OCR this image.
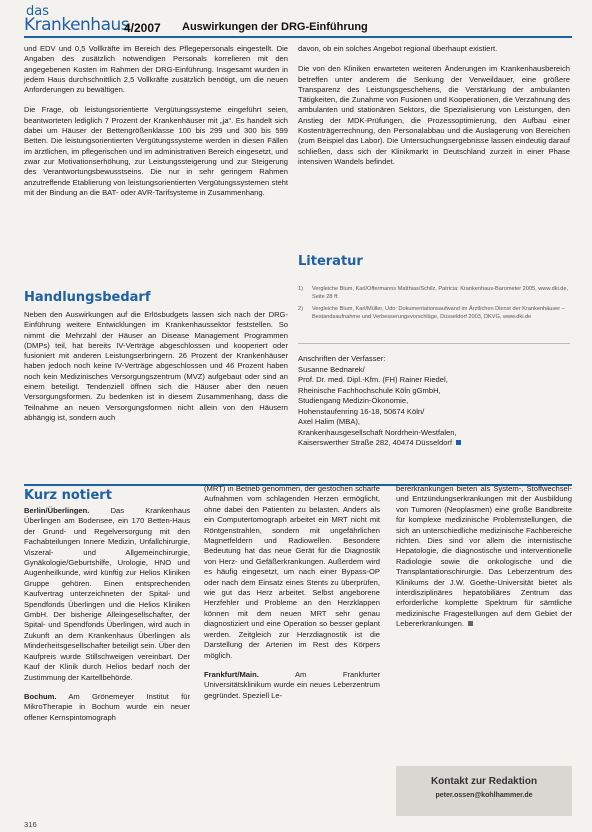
das
Krankenhaus
4/2007 Auswirkungen der DRG-Einführung

und EDV und 0,5 Vollkräfte im Bereich des Pflegepersonals eingestellt. Die Angaben des zusätzlich notwendigen Personals korrelieren mit den angegebenen Kosten im Rahmen der DRG-Einführung. Insgesamt wurden in jedem Haus durchschnittlich 2,5 Vollkräfte zusätzlich benötigt, um die neuen Anforderungen zu bewältigen.

Die Frage, ob leistungsorientierte Vergütungssysteme eingeführt seien, beantworteten lediglich 7 Prozent der Krankenhäuser mit „ja“. Es handelt sich dabei um Häuser der Bettengrößenklasse 100 bis 299 und 300 bis 599 Betten. Die leistungsorientierten Vergütungssysteme werden in diesen Fällen im ärztlichen, im pflegerischen und im administrativen Bereich eingesetzt, und zwar zur Motivationserhöhung, zur Leistungssteigerung und zur Steigerung des Verantwortungsbewusstseins. Die nur in sehr geringem Rahmen anzutreffende Etablierung von leistungsorientierten Vergütungssystemen steht mit der Bindung an die BAT- oder AVR-Tarifsysteme in Zusammenhang.

Handlungsbedarf

Neben den Auswirkungen auf die Erlösbudgets lassen sich nach der DRG-Einführung weitere Entwicklungen im Krankenhaussektor feststellen. So nimmt die Mehrzahl der Häuser an Disease Management Programmen (DMPs) teil, hat bereits IV-Verträge abgeschlossen und kooperiert oder fusioniert mit anderen Leistungserbringern. 26 Prozent der Krankenhäuser haben jedoch noch keine IV-Verträge abgeschlossen und 46 Prozent haben noch kein Medizinisches Versorgungszentrum (MVZ) aufgebaut oder sind an einem beteiligt. Tendenziell öffnen sich die Häuser aber den neuen Versorgungsformen. Zu bedenken ist in diesem Zusammenhang, dass die Teilnahme an neuen Versorgungsformen nicht allein von den Häusern abhängig ist, sondern auch

davon, ob ein solches Angebot regional überhaupt existiert.

Die von den Kliniken erwarteten weiteren Änderungen im Krankenhausbereich betreffen unter anderem die Senkung der Verweildauer, eine größere Transparenz des Leistungsgeschehens, die Verstärkung der ambulanten Tätigkeiten, die Zunahme von Fusionen und Kooperationen, die Verzahnung des ambulanten und stationären Sektors, die Spezialisierung von Leistungen, den Anstieg der MDK-Prüfungen, die Prozessoptimierung, den Aufbau einer Kostenträgerrechnung, den Personalabbau und die Auslagerung von Bereichen (zum Beispiel das Labor). Die Untersuchungsergebnisse lassen eindeutig darauf schließen, dass sich der Klinikmarkt in Deutschland zurzeit in einer Phase intensiven Wandels befindet.

Literatur
1)	Vergleiche Blum, Karl/Offermanns Matthias/Schilz, Patricia: Krankenhaus-Barometer 2005, www.dki.de, Seite 28 ff.
2)	Vergleiche Blum, Karl/Müller, Udo: Dokumentationsaufwand im Ärztlichen Dienst der Krankenhäuser – Bestandsaufnahme und Verbesserungsvorschläge, Düsseldorf 2003, DKVG, www.dki.de
Anschriften der Verfasser:
Susanne Bednarek/
Prof. Dr. med. Dipl.-Kfm. (FH) Rainer Riedel,
Rheinische Fachhochschule Köln gGmbH,
Studiengang Medizin-Ökonomie,
Hohenstaufenring 16-18, 50674 Köln/
Axel Halim (MBA),
Krankenhausgesellschaft Nordrhein-Westfalen,
Kaiserswerther Straße 282, 40474 Düsseldorf
Kurz notiert

Berlin/Überlingen. Das Krankenhaus Überlingen am Bodensee, ein 170 Betten-Haus der Grund- und Regelversorgung mit den Fachabteilungen Innere Medizin, Unfallchirurgie, Viszeral- und Allgemeinchirurgie, Gynäkologie/Geburtshilfe, Urologie, HNO und Augenheilkunde, wird künftig zur Helios Kliniken Gruppe gehören. Einen entsprechenden Kaufvertrag unterzeichneten der Spital- und Spendfonds Überlingen und die Helios Kliniken GmbH. Der bisherige Alleingesellschafter, der Spital- und Spendfonds Überlingen, wird auch in Zukunft an dem Krankenhaus Überlingen als Minderheitsgesellschafter beteiligt sein. Über den Kaufpreis wurde Stillschweigen vereinbart. Der Kauf der Klinik durch Helios bedarf noch der Zustimmung der Kartellbehörde.

Bochum. Am Grönemeyer Institut für MikroTherapie in Bochum wurde ein neuer offener Kernspintomograph

(MRT) in Betrieb genommen, der gestochen scharfe Aufnahmen vom schlagenden Herzen ermöglicht, ohne dabei den Patienten zu belasten. Anders als ein Computertomograph arbeitet ein MRT nicht mit Röntgenstrahlen, sondern mit ungefährlichen Magnetfeldern und Radiowellen. Besondere Bedeutung hat das neue Gerät für die Diagnostik von Herz- und Gefäßerkrankungen. Außerdem wird es häufig eingesetzt, um nach einer Bypass-OP oder nach dem Einsatz eines Stents zu überprüfen, wie gut das Herz arbeitet. Selbst angeborene Herzfehler und Probleme an den Herzklappen können mit dem neuen MRT sehr genau diagnostiziert und eine Operation so besser geplant werden. Zeitgleich zur Herzdiagnostik ist die Darstellung der Arterien im Rest des Körpers möglich.

Frankfurt/Main. Am Frankfurter Universitätsklinikum wurde ein neues Leberzentrum gegründet. Speziell Le-

bererkrankungen bieten als System-, Stoffwechsel- und Entzündungserkrankungen mit der Ausbildung von Tumoren (Neoplasmen) eine große Bandbreite für komplexe medizinische Problemstellungen, die sich an unterschiedliche medizinische Fachbereiche richten. Dies sind vor allem die internistische Hepatologie, die diagnostische und interventionelle Radiologie sowie die onkologische und die Transplantationschirurgie. Das Leberzentrum des Klinikums der J.W. Goethe-Universität bietet als interdisziplinäres hepatobiliäres Zentrum das erforderliche komplette Spektrum für sämtliche medizinische Fragestellungen auf dem Gebiet der Lebererkrankungen.

Kontakt zur Redaktion
peter.ossen@kohlhammer.de
316
